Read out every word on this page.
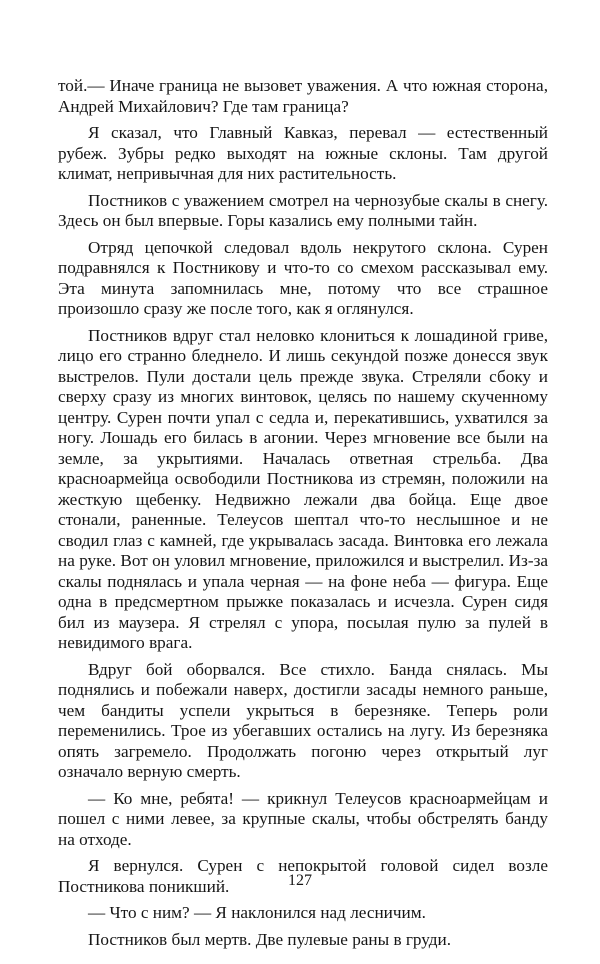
той.— Иначе граница не вызовет уважения. А что южная сторона, Андрей Михайлович? Где там граница?

Я сказал, что Главный Кавказ, перевал — естественный рубеж. Зубры редко выходят на южные склоны. Там другой климат, непривычная для них растительность.

Постников с уважением смотрел на чернозубые скалы в снегу. Здесь он был впервые. Горы казались ему полными тайн.

Отряд цепочкой следовал вдоль некрутого склона. Сурен подравнялся к Постникову и что-то со смехом рассказывал ему. Эта минута запомнилась мне, потому что все страшное произошло сразу же после того, как я оглянулся.

Постников вдруг стал неловко клониться к лошадиной гриве, лицо его странно бледнело. И лишь секундой позже донесся звук выстрелов. Пули достали цель прежде звука. Стреляли сбоку и сверху сразу из многих винтовок, целясь по нашему скученному центру. Сурен почти упал с седла и, перекатившись, ухватился за ногу. Лошадь его билась в агонии. Через мгновение все были на земле, за укрытиями. Началась ответная стрельба. Два красноармейца освободили Постникова из стремян, положили на жесткую щебенку. Недвижно лежали два бойца. Еще двое стонали, раненные. Телеусов шептал что-то неслышное и не сводил глаз с камней, где укрывалась засада. Винтовка его лежала на руке. Вот он уловил мгновение, приложился и выстрелил. Из-за скалы поднялась и упала черная — на фоне неба — фигура. Еще одна в предсмертном прыжке показалась и исчезла. Сурен сидя бил из маузера. Я стрелял с упора, посылая пулю за пулей в невидимого врага.

Вдруг бой оборвался. Все стихло. Банда снялась. Мы поднялись и побежали наверх, достигли засады немного раньше, чем бандиты успели укрыться в березняке. Теперь роли переменились. Трое из убегавших остались на лугу. Из березняка опять загремело. Продолжать погоню через открытый луг означало верную смерть.

— Ко мне, ребята! — крикнул Телеусов красноармейцам и пошел с ними левее, за крупные скалы, чтобы обстрелять банду на отходе.

Я вернулся. Сурен с непокрытой головой сидел возле Постникова поникший.

— Что с ним? — Я наклонился над лесничим.

Постников был мертв. Две пулевые раны в груди.

127
